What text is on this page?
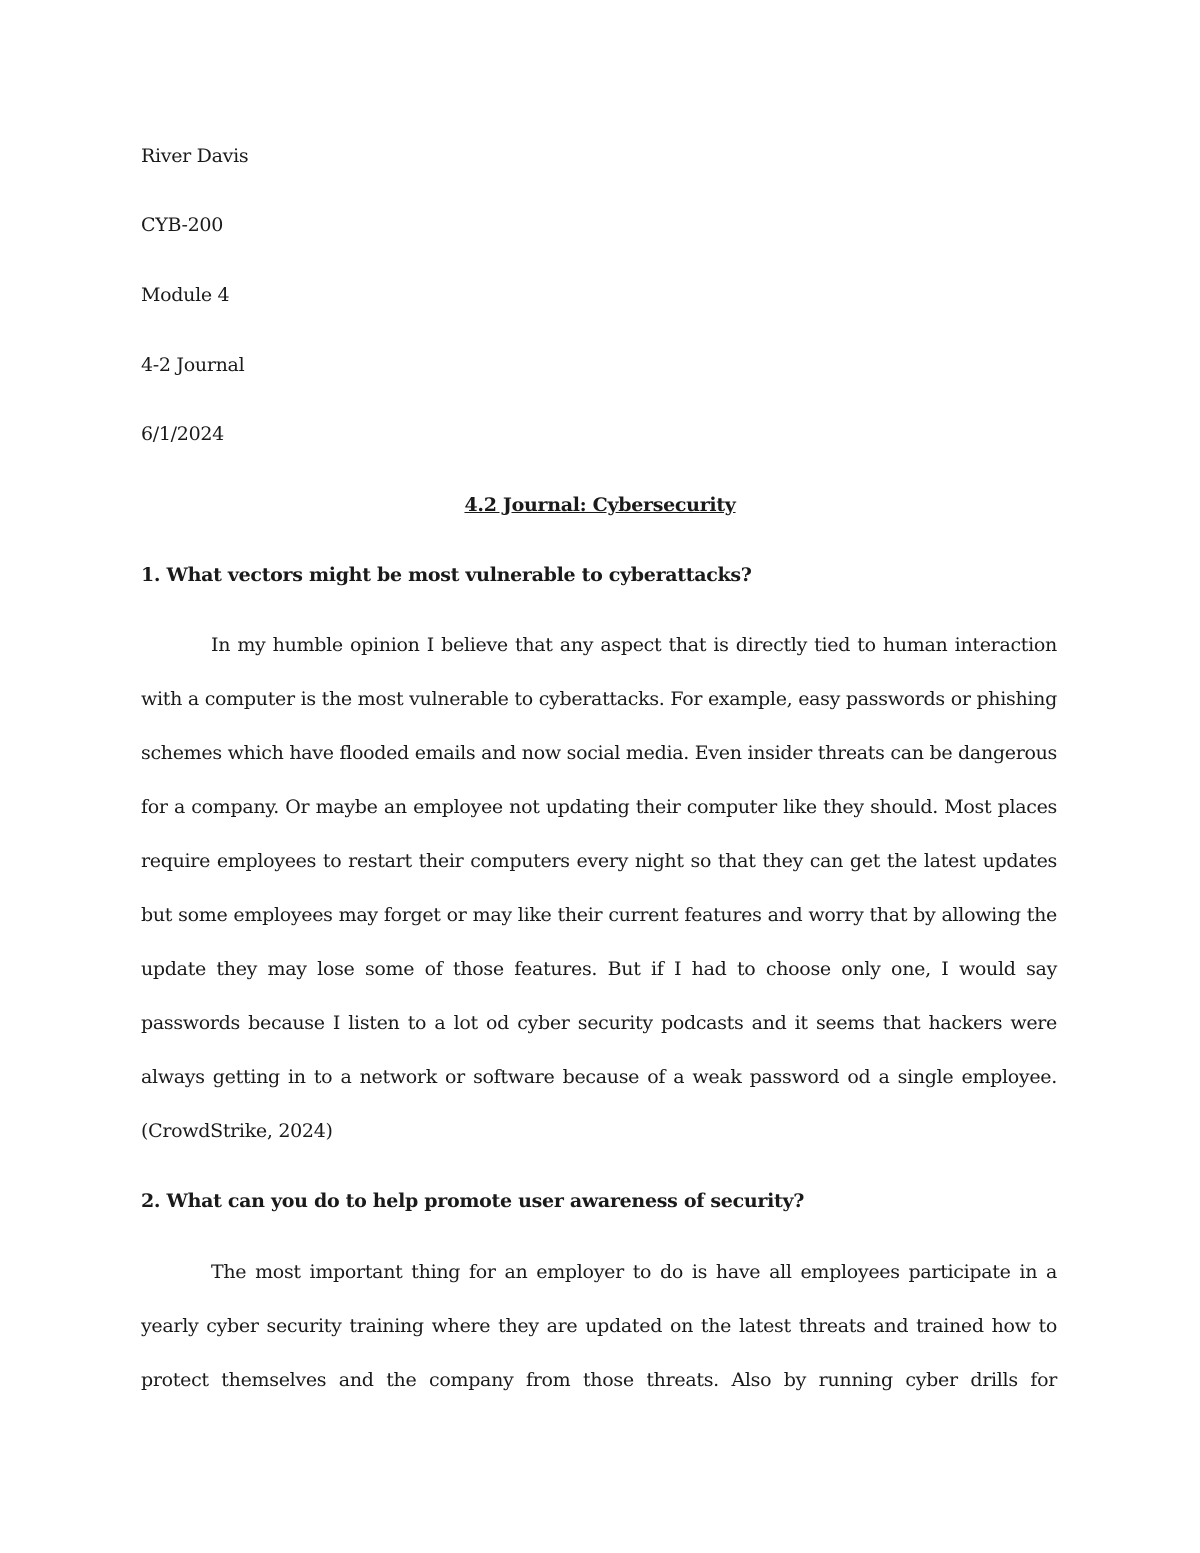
River Davis
CYB-200
Module 4
4-2 Journal
6/1/2024
4.2 Journal: Cybersecurity
1. What vectors might be most vulnerable to cyberattacks?
In my humble opinion I believe that any aspect that is directly tied to human interaction
with a computer is the most vulnerable to cyberattacks. For example, easy passwords or phishing
schemes which have flooded emails and now social media. Even insider threats can be dangerous
for a company. Or maybe an employee not updating their computer like they should. Most places
require employees to restart their computers every night so that they can get the latest updates
but some employees may forget or may like their current features and worry that by allowing the
update they may lose some of those features. But if I had to choose only one, I would say
passwords because I listen to a lot od cyber security podcasts and it seems that hackers were
always getting in to a network or software because of a weak password od a single employee.
(CrowdStrike, 2024)
2. What can you do to help promote user awareness of security?
The most important thing for an employer to do is have all employees participate in a
yearly cyber security training where they are updated on the latest threats and trained how to
protect themselves and the company from those threats. Also by running cyber drills for
